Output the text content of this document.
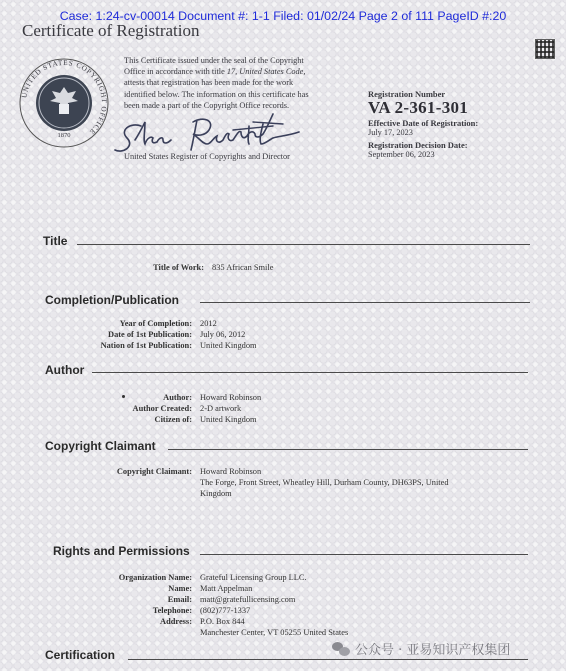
Case: 1:24-cv-00014 Document #: 1-1 Filed: 01/02/24 Page 2 of 111 PageID #:20
Certificate of Registration
UNITED STATES COPYRIGHT OFFICE
1870
This Certificate issued under the seal of the Copyright
Office in accordance with title 17, United States Code,
attests that registration has been made for the work
identified below. The information on this certificate has
been made a part of the Copyright Office records.
United States Register of Copyrights and Director
Registration Number
VA 2-361-301
Effective Date of Registration:
July 17, 2023
Registration Decision Date:
September 06, 2023
Title
Title of Work: 835 African Smile
Completion/Publication
Year of Completion: 2012
Date of 1st Publication: July 06, 2012
Nation of 1st Publication: United Kingdom
Author
Author: Howard Robinson
Author Created: 2-D artwork
Citizen of: United Kingdom
Copyright Claimant
Copyright Claimant: Howard Robinson
The Forge, Front Street, Wheatley Hill, Durham County, DH63PS, United
Kingdom
Rights and Permissions
Organization Name: Grateful Licensing Group LLC.
Name: Matt Appelman
Email: matt@gratefullicensing.com
Telephone: (802)777-1337
Address: P.O. Box 844
Manchester Center, VT 05255 United States
Certification	公众号 · 亚易知识产权集团
